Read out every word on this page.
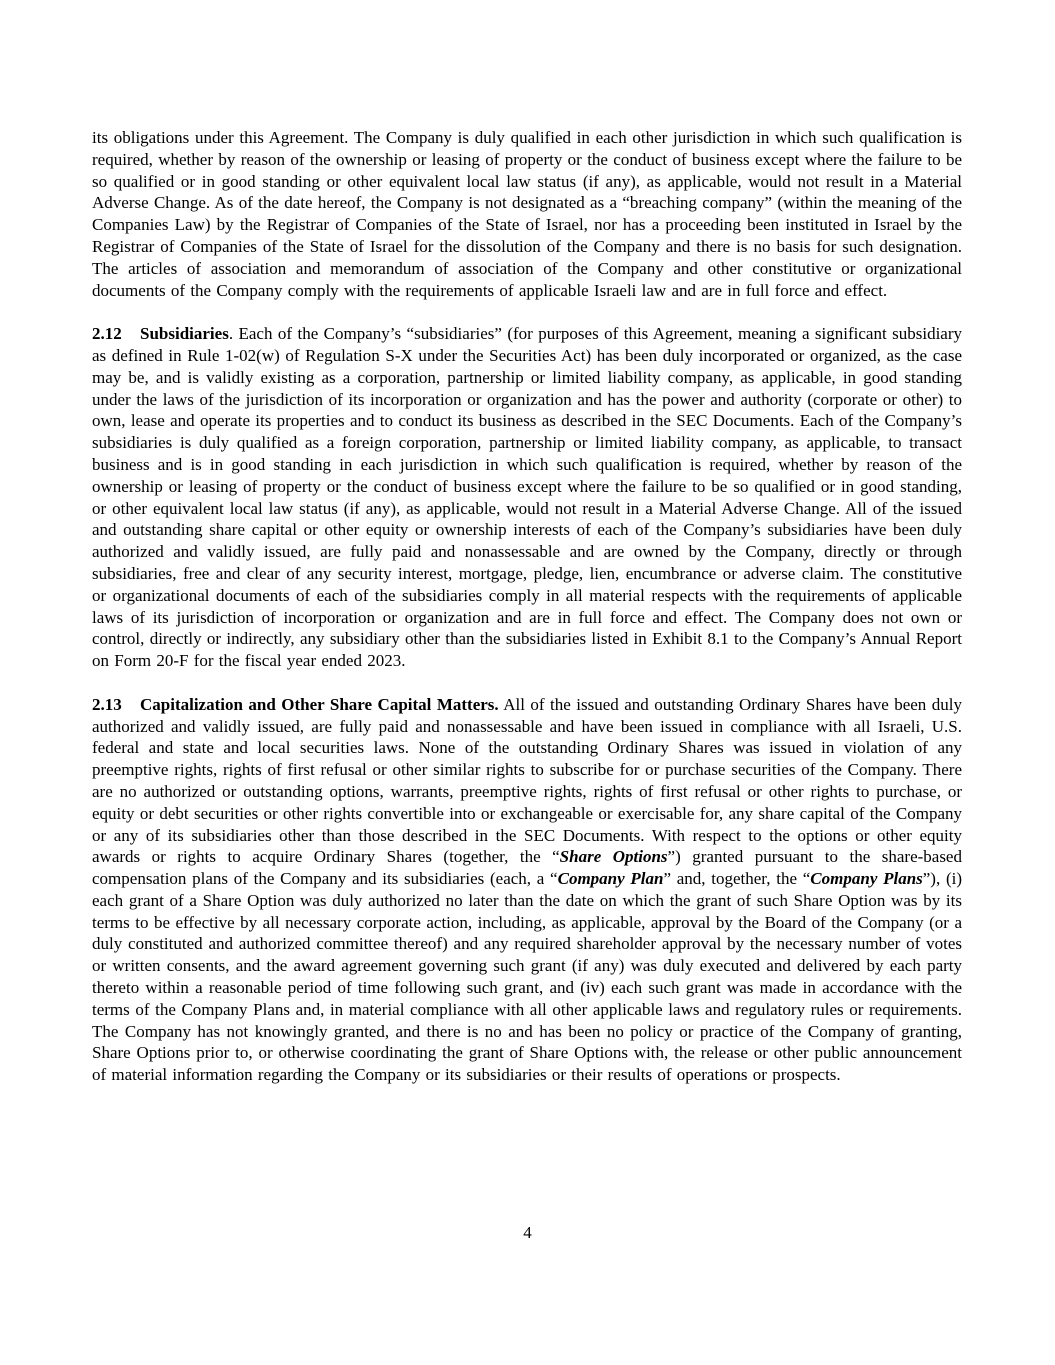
its obligations under this Agreement. The Company is duly qualified in each other jurisdiction in which such qualification is required, whether by reason of the ownership or leasing of property or the conduct of business except where the failure to be so qualified or in good standing or other equivalent local law status (if any), as applicable, would not result in a Material Adverse Change. As of the date hereof, the Company is not designated as a “breaching company” (within the meaning of the Companies Law) by the Registrar of Companies of the State of Israel, nor has a proceeding been instituted in Israel by the Registrar of Companies of the State of Israel for the dissolution of the Company and there is no basis for such designation. The articles of association and memorandum of association of the Company and other constitutive or organizational documents of the Company comply with the requirements of applicable Israeli law and are in full force and effect.

2.12 Subsidiaries. Each of the Company’s “subsidiaries” (for purposes of this Agreement, meaning a significant subsidiary as defined in Rule 1-02(w) of Regulation S-X under the Securities Act) has been duly incorporated or organized, as the case may be, and is validly existing as a corporation, partnership or limited liability company, as applicable, in good standing under the laws of the jurisdiction of its incorporation or organization and has the power and authority (corporate or other) to own, lease and operate its properties and to conduct its business as described in the SEC Documents. Each of the Company’s subsidiaries is duly qualified as a foreign corporation, partnership or limited liability company, as applicable, to transact business and is in good standing in each jurisdiction in which such qualification is required, whether by reason of the ownership or leasing of property or the conduct of business except where the failure to be so qualified or in good standing, or other equivalent local law status (if any), as applicable, would not result in a Material Adverse Change. All of the issued and outstanding share capital or other equity or ownership interests of each of the Company’s subsidiaries have been duly authorized and validly issued, are fully paid and nonassessable and are owned by the Company, directly or through subsidiaries, free and clear of any security interest, mortgage, pledge, lien, encumbrance or adverse claim. The constitutive or organizational documents of each of the subsidiaries comply in all material respects with the requirements of applicable laws of its jurisdiction of incorporation or organization and are in full force and effect. The Company does not own or control, directly or indirectly, any subsidiary other than the subsidiaries listed in Exhibit 8.1 to the Company’s Annual Report on Form 20-F for the fiscal year ended 2023.

2.13 Capitalization and Other Share Capital Matters. All of the issued and outstanding Ordinary Shares have been duly authorized and validly issued, are fully paid and nonassessable and have been issued in compliance with all Israeli, U.S. federal and state and local securities laws. None of the outstanding Ordinary Shares was issued in violation of any preemptive rights, rights of first refusal or other similar rights to subscribe for or purchase securities of the Company. There are no authorized or outstanding options, warrants, preemptive rights, rights of first refusal or other rights to purchase, or equity or debt securities or other rights convertible into or exchangeable or exercisable for, any share capital of the Company or any of its subsidiaries other than those described in the SEC Documents. With respect to the options or other equity awards or rights to acquire Ordinary Shares (together, the “Share Options”) granted pursuant to the share-based compensation plans of the Company and its subsidiaries (each, a “Company Plan” and, together, the “Company Plans”), (i) each grant of a Share Option was duly authorized no later than the date on which the grant of such Share Option was by its terms to be effective by all necessary corporate action, including, as applicable, approval by the Board of the Company (or a duly constituted and authorized committee thereof) and any required shareholder approval by the necessary number of votes or written consents, and the award agreement governing such grant (if any) was duly executed and delivered by each party thereto within a reasonable period of time following such grant, and (iv) each such grant was made in accordance with the terms of the Company Plans and, in material compliance with all other applicable laws and regulatory rules or requirements. The Company has not knowingly granted, and there is no and has been no policy or practice of the Company of granting, Share Options prior to, or otherwise coordinating the grant of Share Options with, the release or other public announcement of material information regarding the Company or its subsidiaries or their results of operations or prospects.

4
